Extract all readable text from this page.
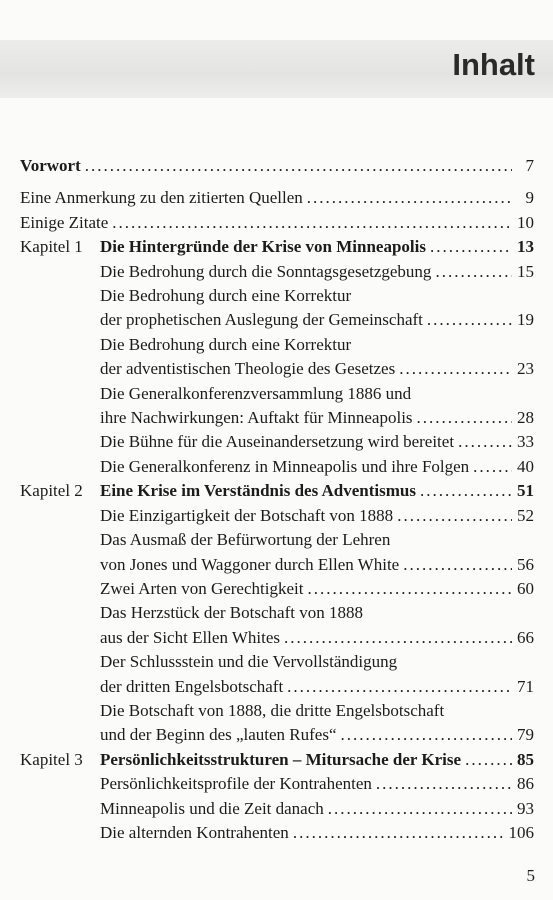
Inhalt
Vorwort .....	7
Eine Anmerkung zu den zitierten Quellen .....	9
Einige Zitate .....	10
Kapitel 1	Die Hintergründe der Krise von Minneapolis .....	13
Die Bedrohung durch die Sonntagsgesetzgebung .....	15
Die Bedrohung durch eine Korrektur
der prophetischen Auslegung der Gemeinschaft .....	19
Die Bedrohung durch eine Korrektur
der adventistischen Theologie des Gesetzes .....	23
Die Generalkonferenzversammlung 1886 und
ihre Nachwirkungen: Auftakt für Minneapolis .....	28
Die Bühne für die Auseinandersetzung wird bereitet .....	33
Die Generalkonferenz in Minneapolis und ihre Folgen .....	40
Kapitel 2	Eine Krise im Verständnis des Adventismus .....	51
Die Einzigartigkeit der Botschaft von 1888 .....	52
Das Ausmaß der Befürwortung der Lehren
von Jones und Waggoner durch Ellen White .....	56
Zwei Arten von Gerechtigkeit .....	60
Das Herzstück der Botschaft von 1888
aus der Sicht Ellen Whites .....	66
Der Schlussstein und die Vervollständigung
der dritten Engelsbotschaft .....	71
Die Botschaft von 1888, die dritte Engelsbotschaft
und der Beginn des „lauten Rufes“ .....	79
Kapitel 3	Persönlichkeitsstrukturen – Mitursache der Krise .....	85
Persönlichkeitsprofile der Kontrahenten .....	86
Minneapolis und die Zeit danach .....	93
Die alternden Kontrahenten .....	106
5
